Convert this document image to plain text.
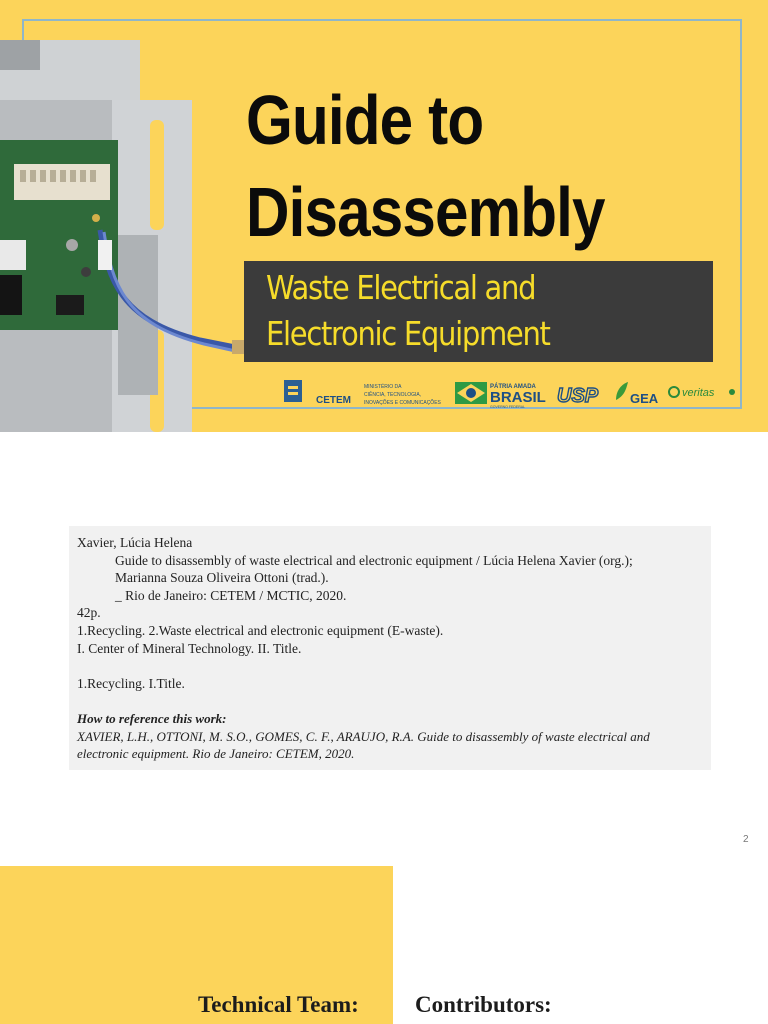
Guide to
Disassembly
Waste Electrical and
Electronic Equipment
CETEM
MINISTÉRIO DA
CIÊNCIA, TECNOLOGIA,
INOVAÇÕES E COMUNICAÇÕES
PÁTRIA AMADA
BRASIL
GOVERNO FEDERAL USP GEA veritas

Xavier, Lúcia Helena

Guide to disassembly of waste electrical and electronic equipment / Lúcia Helena Xavier (org.);

Marianna Souza Oliveira Ottoni (trad.).

_ Rio de Janeiro: CETEM / MCTIC, 2020.

42p.

1.Recycling. 2.Waste electrical and electronic equipment (E-waste).

I. Center of Mineral Technology. II. Title.

1.Recycling. I.Title.

How to reference this work:

XAVIER, L.H., OTTONI, M. S.O., GOMES, C. F., ARAUJO, R.A. Guide to disassembly of waste electrical and electronic equipment. Rio de Janeiro: CETEM, 2020.

2
Technical Team: Contributors:
